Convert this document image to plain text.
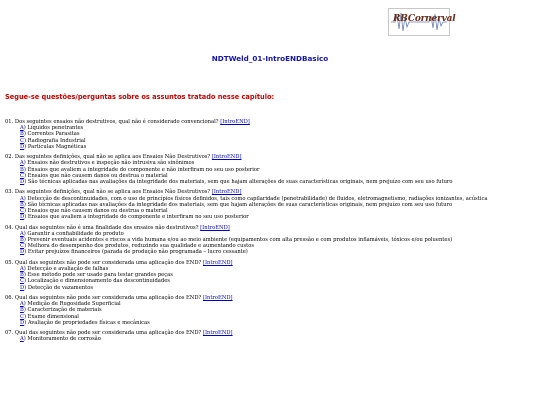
RBCornerval
NDTWeld_01-IntroENDBasico
Segue-se questões/perguntas sobre os assuntos tratado nesse capítulo:
01. Dos seguintes ensaios não destrutivos, qual não é considerado convencional? [IntroEND]
A) Líquidos penetrantes
B) Correntes Parasitas
C) Radiografia Industrial
D) Partículas Magnéticas
02. Das seguintes definições, qual não se aplica aos Ensaios Não Destrutivos? [IntroEND]
A) Ensaios não destrutivos e inspeção não intrusiva são sinônimos
B) Ensaios que avaliem a integridade do componente e não interfiram no seu uso posterior
C) Ensaios que não causem danos ou destrua o material
D) São técnicas aplicadas nas avaliações da integridade dos materiais, sem que hajam alterações de suas características originais, nem prejuízo com seu uso futuro
03. Das seguintes definições, qual não se aplica aos Ensaios Não Destrutivos? [IntroEND]
A) Detecção de descontinuidades, com o uso de princípios físicos definidos, tais como capilaridade (penetrabilidade) de fluidos, eletromagnetismo, radiações ionizantes, acústica
B) São técnicas aplicadas nas avaliações da integridade dos materiais, sem que hajam alterações de suas características originais, nem prejuízo com seu uso futuro
C) Ensaios que não causem danos ou destrua o material
D) Ensaios que avaliem a integridade do componente e interfiram no seu uso posterior
04. Qual das seguintes não é uma finalidade dos ensaios não destrutivos? [IntroEND]
A) Garantir a confiabilidade do produto
B) Prevenir eventuais acidentes e riscos a vida humana e/ou ao meio ambiente (equipamentos com alta pressão e com produtos inflamáveis, tóxicos e/ou poluentes)
C) Melhora do desempenho dos produtos, reduzindo sua qualidade e aumentando custos
D) Evitar prejuízos financeiros (parada de produção não programada – lucro cessante)
05. Qual das seguintes não pode ser considerada uma aplicação dos END? [IntroEND]
A) Detecção e avaliação de falhas
B) Esse método pode ser usado para testar grandes peças
C) Localização e dimensionamento das descontinuidades
D) Detecção de vazamentos
06. Qual das seguintes não pode ser considerada uma aplicação dos END? [IntroEND]
A) Medição de Rugosidade Superficial
B) Caracterização de materiais
C) Exame dimensional
D) Avaliação de propriedades físicas e mecânicas
07. Qual das seguintes não pode ser considerada uma aplicação dos END? [IntroEND]
A) Monitoramento de corrosão
